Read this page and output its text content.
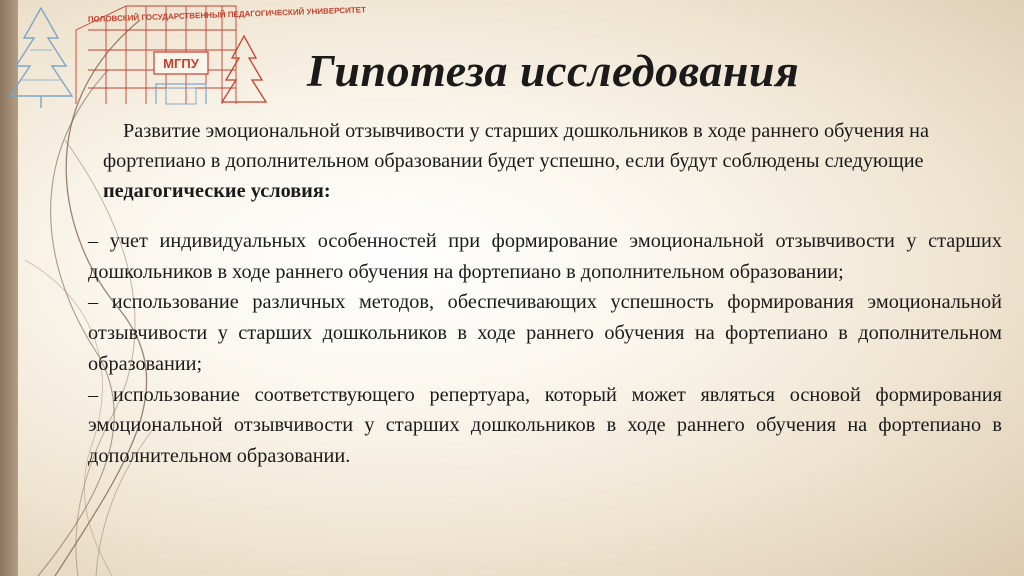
ПОЛОВСКИЙ ГОСУДАРСТВЕННЫЙ ПЕДАГОГИЧЕСКИЙ УНИВЕРСИТЕТ
МГПУ Гипотеза исследования

Развитие эмоциональной отзывчивости у старших дошкольников в ходе раннего обучения на фортепиано в дополнительном образовании будет успешно, если будут соблюдены следующие педагогические условия:

– учет индивидуальных особенностей при формирование эмоциональной отзывчивости у старших дошкольников в ходе раннего обучения на фортепиано в дополнительном образовании;

– использование различных методов, обеспечивающих успешность формирования эмоциональной отзывчивости у старших дошкольников в ходе раннего обучения на фортепиано в дополнительном образовании;

– использование соответствующего репертуара, который может являться основой формирования эмоциональной отзывчивости у старших дошкольников в ходе раннего обучения на фортепиано в дополнительном образовании.
